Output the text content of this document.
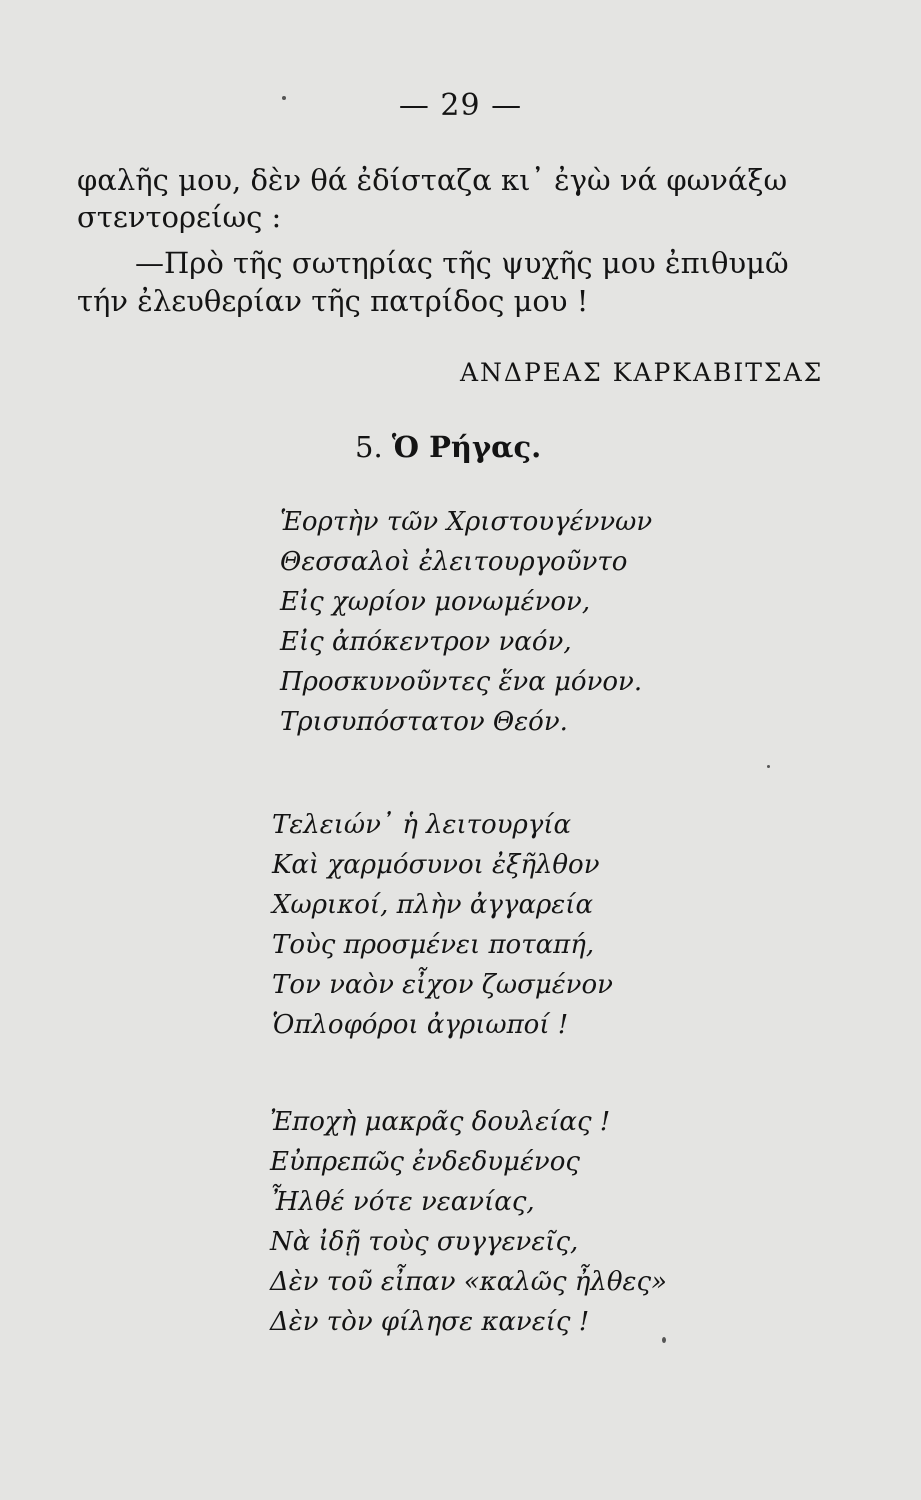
— 29 —
φαλῆς μου, δὲν θά ἐδίσταζα κι᾽ ἐγὼ νά φωνάξω
στεντορείως :
—Πρὸ τῆς σωτηρίας τῆς ψυχῆς μου ἐπιθυμῶ
τήν ἐλευθερίαν τῆς πατρίδος μου !
ΑΝΔΡΕΑΣ ΚΑΡΚΑΒΙΤΣΑΣ
5. Ὁ Ρήγας.
Ἑορτὴν τῶν Χριστουγέννων
Θεσσαλοὶ ἐλειτουργοῦντο
Εἰς χωρίον μονωμένον,
Εἰς ἀπόκεντρον ναόν,
Προσκυνοῦντες ἕνα μόνον.
Τρισυπόστατον Θεόν.
Τελειών᾽ ἡ λειτουργία
Καὶ χαρμόσυνοι ἐξῆλθον
Χωρικοί, πλὴν ἀγγαρεία
Τοὺς προσμένει ποταπή,
Τον ναὸν εἶχον ζωσμένον
Ὁπλοφόροι ἀγριωποί !
Ἐποχὴ μακρᾶς δουλείας !
Εὐπρεπῶς ἐνδεδυμένος
Ἦλθέ νότε νεανίας,
Νὰ ἰδῇ τοὺς συγγενεῖς,
Δὲν τοῦ εἶπαν «καλῶς ἦλθες»
Δὲν τὸν φίλησε κανείς !
